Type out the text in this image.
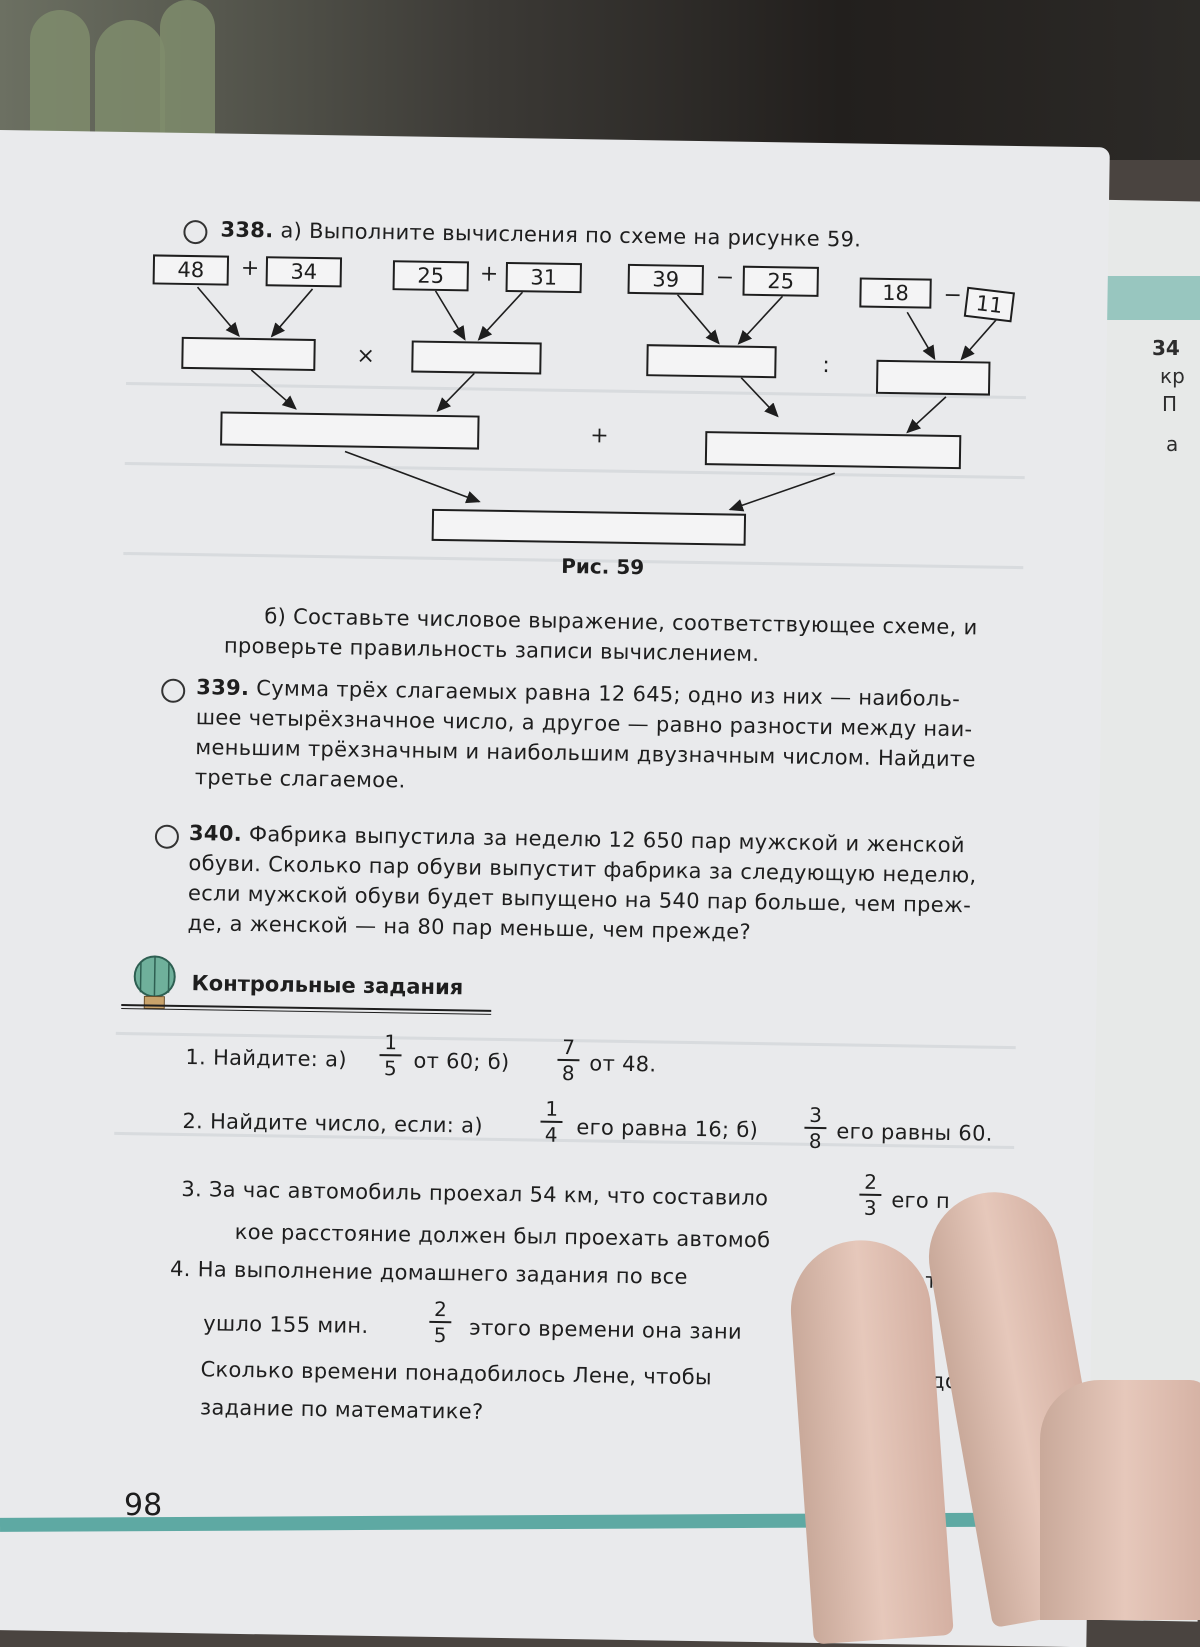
34
кр
П
а
338. а) Выполните вычисления по схеме на рисунке 59.
48	+	34	25	+	31	39	−	25	18	− 11
×	:
+
Рис. 59
б) Составьте числовое выражение, соответствующее схеме, и
проверьте правильность записи вычислением.
339. Сумма трёх слагаемых равна 12 645; одно из них — наиболь-
шее четырёхзначное число, а другое — равно разности между наи-
меньшим трёхзначным и наибольшим двузначным числом. Найдите
третье слагаемое.
340. Фабрика выпустила за неделю 12 650 пар мужской и женской
обуви. Сколько пар обуви выпустит фабрика за следующую неделю,
если мужской обуви будет выпущено на 540 пар больше, чем преж-
де, а женской — на 80 пар меньше, чем прежде?
Контрольные задания
1. Найдите: $а) \frac{1}{5}$ от 60; $б) \frac{7}{8}$ от 48.
2. Найдите число, если: а)	$\frac{1}{4}$ его равна 16; $б) \frac{3}{8}$ его равны 60.
3. За час автомобиль проехал 54 км, что составило	$\frac{2}{3}$ его п
кое расстояние должен был проехать автомоб
4. На выполнение домашнего задания по все
ушло 155 мин.	$\frac{2}{5}$ этого времени она зани
Сколько времени понадобилось Лене, чтобы
задание по математике?
98
